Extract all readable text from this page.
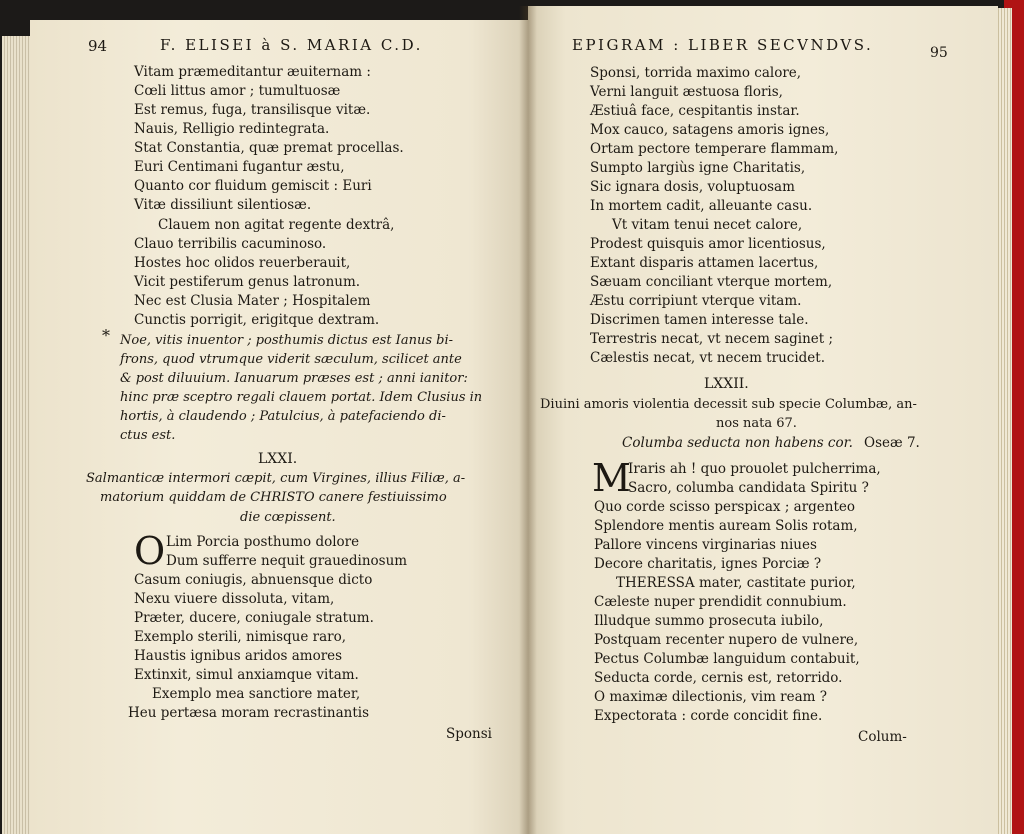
94	F. ELISEI à S. MARIA C.D.
Vitam præmeditantur æuiternam :
Cœli littus amor ; tumultuosæ
Est remus, fuga, transilisque vitæ.
Nauis, Relligio redintegrata.
Stat Constantia, quæ premat procellas.
Euri Centimani fugantur æstu,
Quanto cor fluidum gemiscit : Euri
Vitæ dissiliunt silentiosæ.
Clauem non agitat regente dextrâ,
Clauo terribilis cacuminoso.
Hostes hoc olidos reuerberauit,
Vicit pestiferum genus latronum.
Nec est Clusia Mater ; Hospitalem
Cunctis porrigit, erigitque dextram.
* Noe, vitis inuentor ; posthumis dictus est Ianus bi-
frons, quod vtrumque viderit sæculum, scilicet ante
& post diluuium. Ianuarum præses est ; anni ianitor:
hinc præ sceptro regali clauem portat. Idem Clusius in
hortis, à claudendo ; Patulcius, à patefaciendo di-
ctus est.
LXXI.
Salmanticæ intermori cæpit, cum Virgines, illius Filiæ, a-
matorium quiddam de CHRISTO canere festiuissimo
die cœpissent.
O Lim Porcia posthumo dolore
Dum sufferre nequit grauedinosum
Casum coniugis, abnuensque dicto
Nexu viuere dissoluta, vitam,
Præter, ducere, coniugale stratum.
Exemplo sterili, nimisque raro,
Haustis ignibus aridos amores
Extinxit, simul anxiamque vitam.
Exemplo mea sanctiore mater,
Heu pertæsa moram recrastinantis
Sponsi
EPIGRAM : LIBER SECVNDVS.	95
Sponsi, torrida maximo calore,
Verni languit æstuosa floris,
Æstiuâ face, cespitantis instar.
Mox cauco, satagens amoris ignes,
Ortam pectore temperare flammam,
Sumpto largiùs igne Charitatis,
Sic ignara dosis, voluptuosam
In mortem cadit, alleuante casu.
Vt vitam tenui necet calore,
Prodest quisquis amor licentiosus,
Extant disparis attamen lacertus,
Sæuam conciliant vterque mortem,
Æstu corripiunt vterque vitam.
Discrimen tamen interesse tale.
Terrestris necat, vt necem saginet ;
Cælestis necat, vt necem trucidet.
LXXII.
Diuini amoris violentia decessit sub specie Columbæ, an-
nos nata 67.
Columba seducta non habens cor. Oseæ 7.
M
Iraris ah ! quo prouolet pulcherrima,
Sacro, columba candidata Spiritu ?
Quo corde scisso perspicax ; argenteo
Splendore mentis auream Solis rotam,
Pallore vincens virginarias niues
Decore charitatis, ignes Porciæ ?
THERESSA mater, castitate purior,
Cæleste nuper prendidit connubium.
Illudque summo prosecuta iubilo,
Postquam recenter nupero de vulnere,
Pectus Columbæ languidum contabuit,
Seducta corde, cernis est, retorrido.
O maximæ dilectionis, vim ream ?
Expectorata : corde concidit fine.
Colum-
